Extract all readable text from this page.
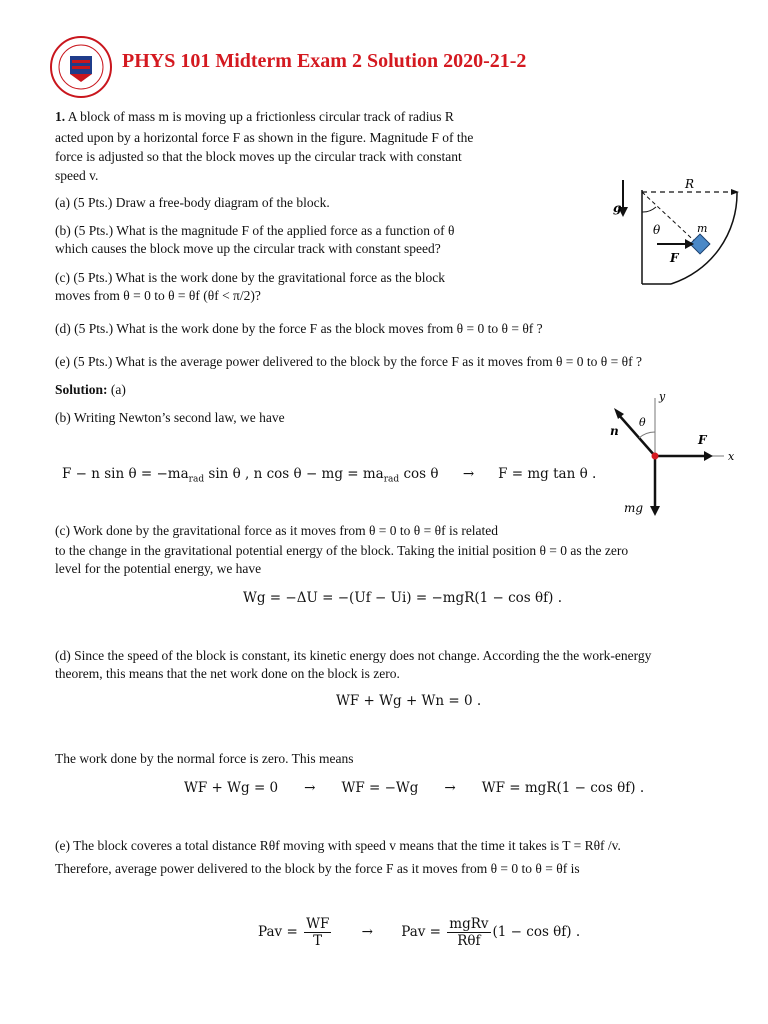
PHYS 101 Midterm Exam 2 Solution 2020-21-2
1. A block of mass m is moving up a frictionless circular track of radius R
acted upon by a horizontal force F as shown in the figure. Magnitude F of the
force is adjusted so that the block moves up the circular track with constant
speed v.
(a) (5 Pts.) Draw a free-body diagram of the block.
(b) (5 Pts.) What is the magnitude F of the applied force as a function of θ
which causes the block move up the circular track with constant speed?
(c) (5 Pts.) What is the work done by the gravitational force as the block
moves from θ = 0 to θ = θf (θf < π/2)?
(d) (5 Pts.) What is the work done by the force F as the block moves from θ = 0 to θ = θf ?
(e) (5 Pts.) What is the average power delivered to the block by the force F as it moves from θ = 0 to θ = θf ?
g
R
θ	m
F
Solution: (a)
(b) Writing Newton’s second law, we have
F − n $\sin \theta = -ma_{rad}$ sin θ , n cos θ − mg = $ma_{rad}$ cos θ → F = mg tan θ .
y
x
n
θ
F
mg
(c) Work done by the gravitational force as it moves from θ = 0 to θ = θf is related
to the change in the gravitational potential energy of the block. Taking the initial position θ = 0 as the zero
level for the potential energy, we have
Wg = −ΔU = −(Uf − Ui) = −mgR(1 − cos θf) .
(d) Since the speed of the block is constant, its kinetic energy does not change. According the the work-energy
theorem, this means that the net work done on the block is zero.
WF + Wg + Wn = 0 .
The work done by the normal force is zero. This means
WF + Wg = 0 → WF = −Wg → WF = mgR(1 − cos θf) .
(e) The block coveres a total distance Rθf moving with speed v means that the time it takes is T = Rθf /v.
Therefore, average power delivered to the block by the force F as it moves from θ = 0 to θ = θf is
Pav = $\frac{WF}{T}$ → Pav = $\frac{\text{mgRv}}{\text{Rθf}} (1 - \cos \theta f)$ .
